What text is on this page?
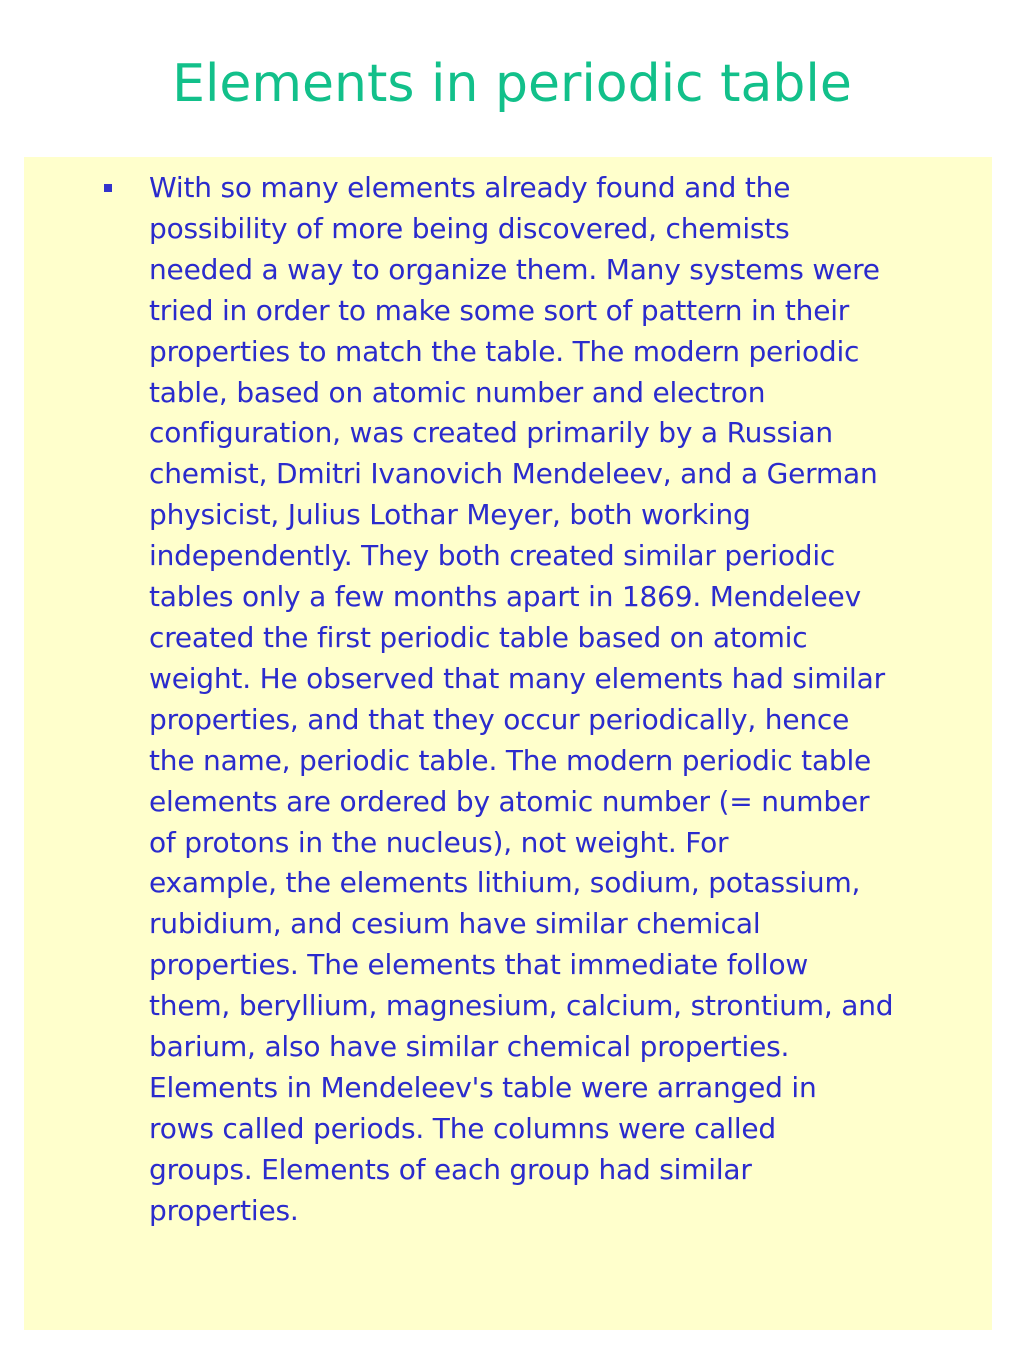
Elements in periodic table

With so many elements already found and the
possibility of more being discovered, chemists
needed a way to organize them. Many systems were
tried in order to make some sort of pattern in their
properties to match the table. The modern periodic
table, based on atomic number and electron
configuration, was created primarily by a Russian
chemist, Dmitri Ivanovich Mendeleev, and a German
physicist, Julius Lothar Meyer, both working
independently. They both created similar periodic
tables only a few months apart in 1869. Mendeleev
created the first periodic table based on atomic
weight. He observed that many elements had similar
properties, and that they occur periodically, hence
the name, periodic table. The modern periodic table
elements are ordered by atomic number (= number
of protons in the nucleus), not weight. For
example, the elements lithium, sodium, potassium,
rubidium, and cesium have similar chemical
properties. The elements that immediate follow
them, beryllium, magnesium, calcium, strontium, and
barium, also have similar chemical properties.
Elements in Mendeleev's table were arranged in
rows called periods. The columns were called
groups. Elements of each group had similar
properties.
